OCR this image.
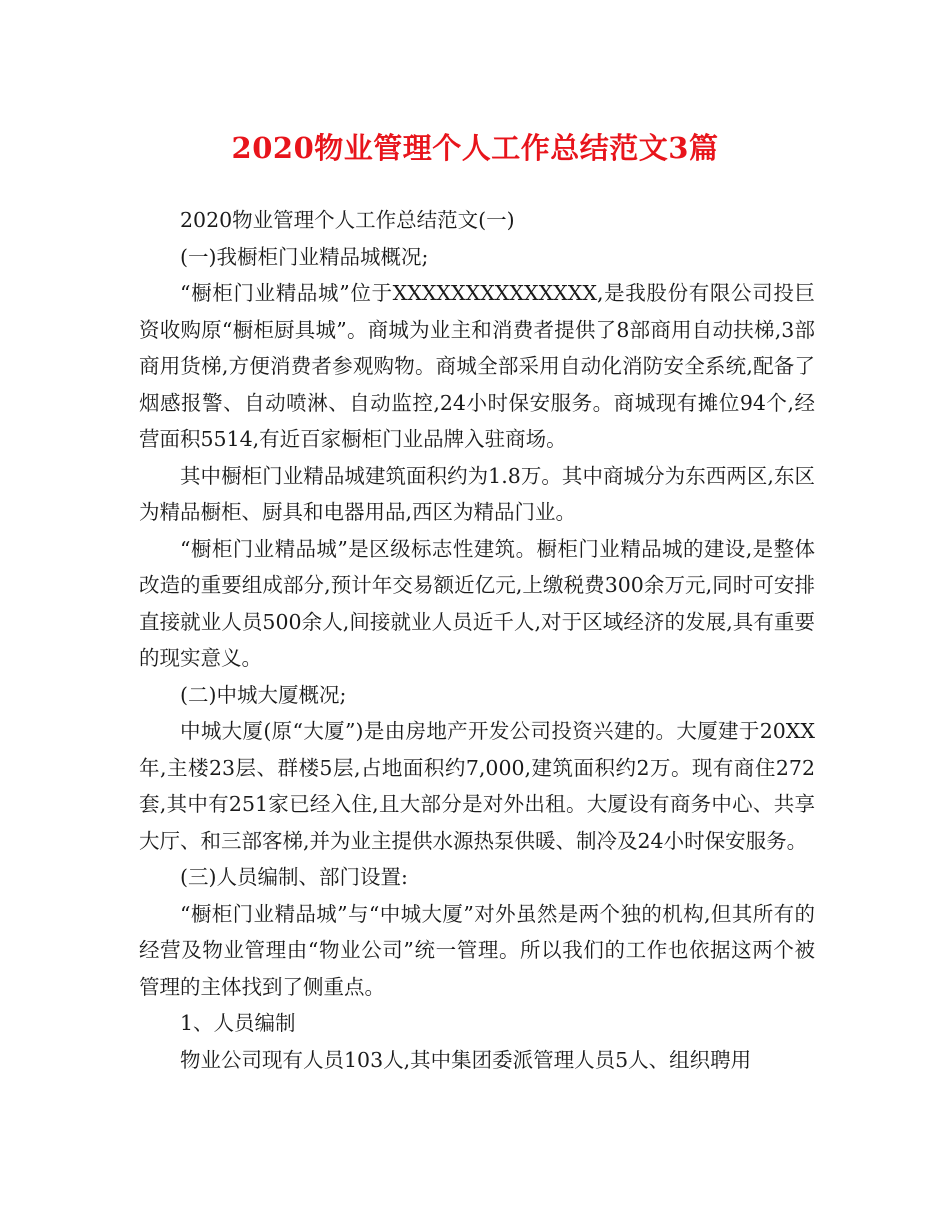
2020物业管理个人工作总结范文3篇

2020物业管理个人工作总结范文(一)

(一)我橱柜门业精品城概况;

“橱柜门业精品城”位于XXXXXXXXXXXXXX,是我股份有限公司投巨资收购原“橱柜厨具城”。商城为业主和消费者提供了8部商用自动扶梯,3部商用货梯,方便消费者参观购物。商城全部采用自动化消防安全系统,配备了烟感报警、自动喷淋、自动监控,24小时保安服务。商城现有摊位94个,经营面积5514,有近百家橱柜门业品牌入驻商场。

其中橱柜门业精品城建筑面积约为1.8万。其中商城分为东西两区,东区为精品橱柜、厨具和电器用品,西区为精品门业。

“橱柜门业精品城”是区级标志性建筑。橱柜门业精品城的建设,是整体改造的重要组成部分,预计年交易额近亿元,上缴税费300余万元,同时可安排直接就业人员500余人,间接就业人员近千人,对于区域经济的发展,具有重要的现实意义。

(二)中城大厦概况;

中城大厦(原“大厦”)是由房地产开发公司投资兴建的。大厦建于20XX年,主楼23层、群楼5层,占地面积约7,000,建筑面积约2万。现有商住272套,其中有251家已经入住,且大部分是对外出租。大厦设有商务中心、共享大厅、和三部客梯,并为业主提供水源热泵供暖、制冷及24小时保安服务。

(三)人员编制、部门设置:

“橱柜门业精品城”与“中城大厦”对外虽然是两个独的机构,但其所有的经营及物业管理由“物业公司”统一管理。所以我们的工作也依据这两个被管理的主体找到了侧重点。

1、人员编制

物业公司现有人员103人,其中集团委派管理人员5人、组织聘用
